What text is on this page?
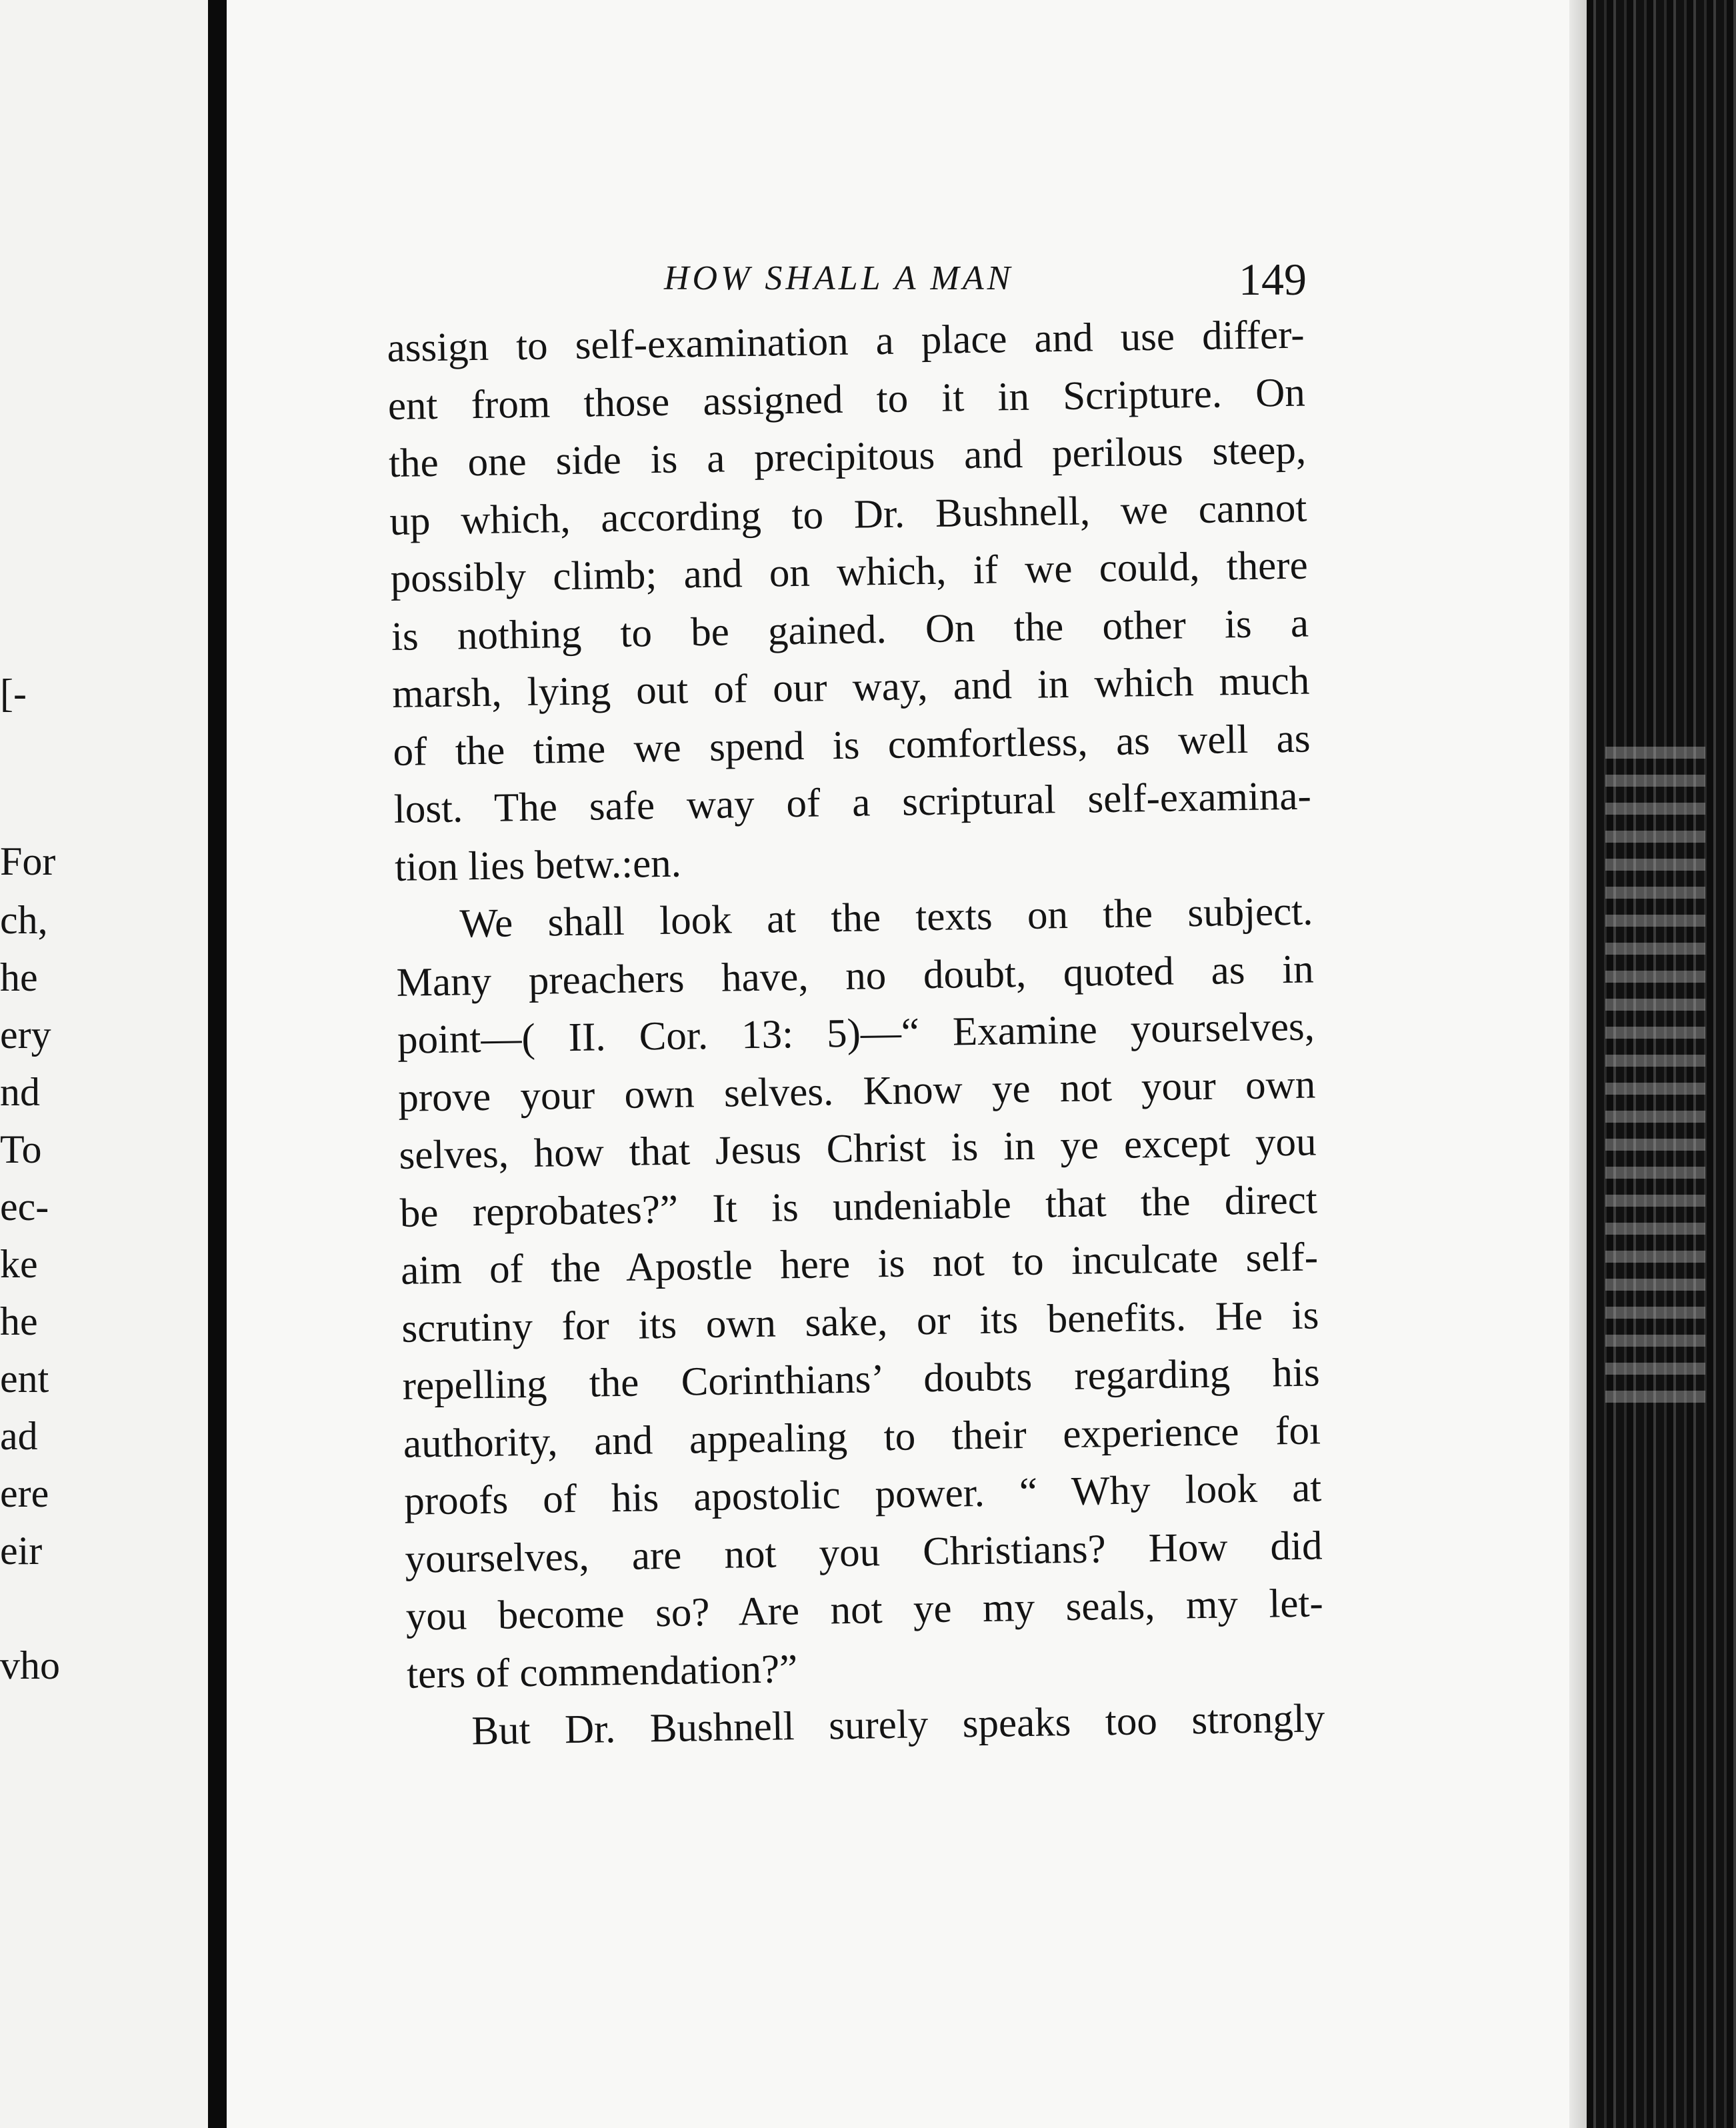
[-
For
ch,
he
ery
nd
To
ec-
ke
he
ent
ad
ere
eir
vho
HOW SHALL A MAN	149

assign to self-examination a place and use differ-

ent from those assigned to it in Scripture. On

the one side is a precipitous and perilous steep,

up which, according to Dr. Bushnell, we cannot

possibly climb; and on which, if we could, there

is nothing to be gained. On the other is a

marsh, lying out of our way, and in which much

of the time we spend is comfortless, as well as

lost. The safe way of a scriptural self-examina-

tion lies betw.:en.

We shall look at the texts on the subject.

Many preachers have, no doubt, quoted as in

point—( II. Cor. 13: 5)—“ Examine yourselves,

prove your own selves. Know ye not your own

selves, how that Jesus Christ is in ye except you

be reprobates?” It is undeniable that the direct

aim of the Apostle here is not to inculcate self-

scrutiny for its own sake, or its benefits. He is

repelling the Corinthians’ doubts regarding his

authority, and appealing to their experience foı

proofs of his apostolic power. “ Why look at

yourselves, are not you Christians? How did

you become so? Are not ye my seals, my let-

ters of commendation?”

But Dr. Bushnell surely speaks too strongly
